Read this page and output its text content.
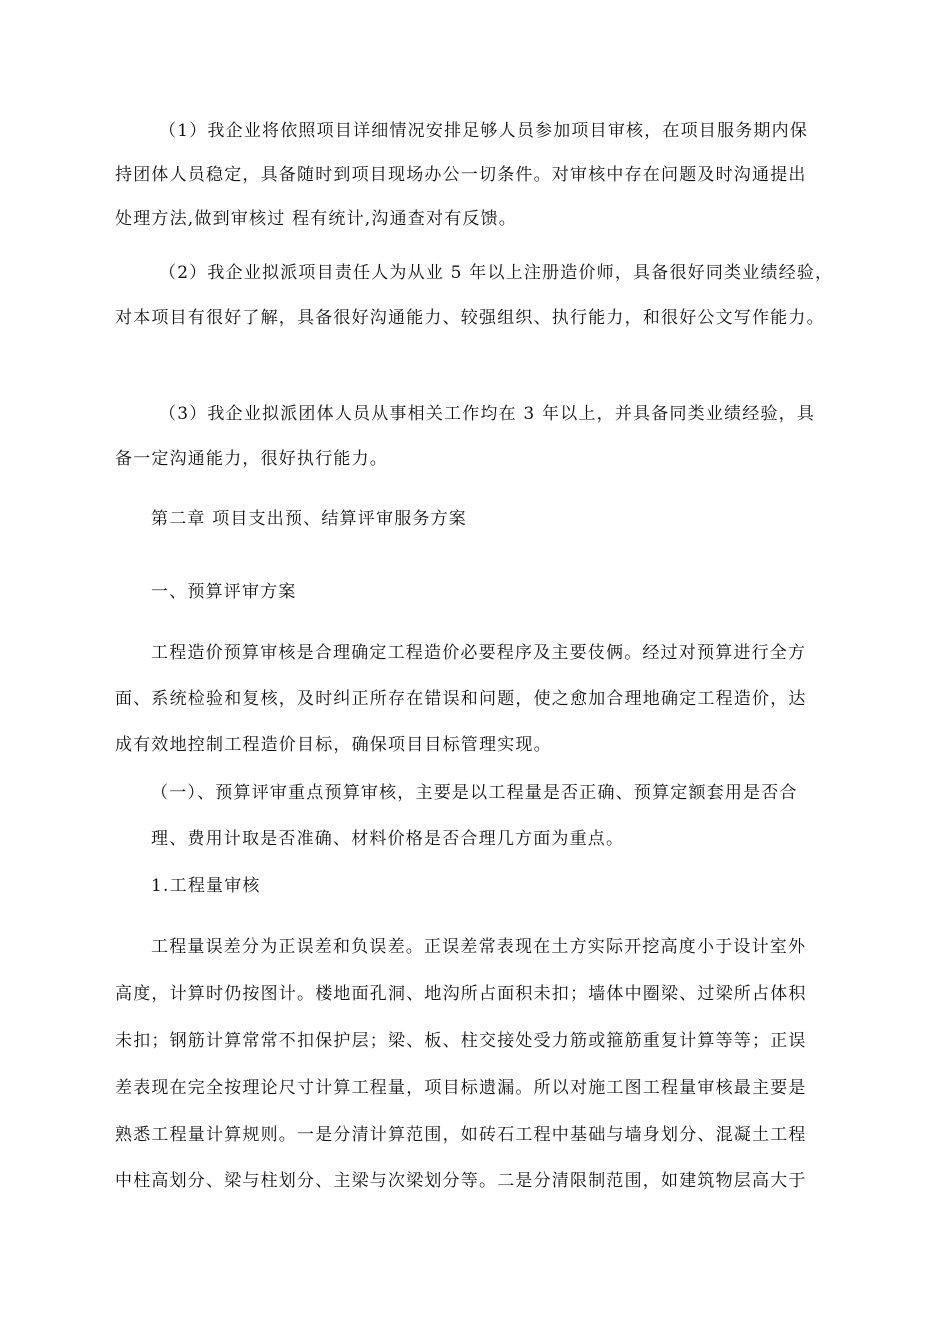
（1）我企业将依照项目详细情况安排足够人员参加项目审核，在项目服务期内保
持团体人员稳定，具备随时到项目现场办公一切条件。对审核中存在问题及时沟通提出
处理方法,做到审核过 程有统计,沟通查对有反馈。
（2）我企业拟派项目责任人为从业 5 年以上注册造价师，具备很好同类业绩经验，
对本项目有很好了解，具备很好沟通能力、较强组织、执行能力，和很好公文写作能力。
（3）我企业拟派团体人员从事相关工作均在 3 年以上，并具备同类业绩经验，具
备一定沟通能力，很好执行能力。
第二章 项目支出预、结算评审服务方案
一、预算评审方案
工程造价预算审核是合理确定工程造价必要程序及主要伎俩。经过对预算进行全方
面、系统检验和复核，及时纠正所存在错误和问题，使之愈加合理地确定工程造价，达
成有效地控制工程造价目标，确保项目目标管理实现。
（一）、预算评审重点预算审核，主要是以工程量是否正确、预算定额套用是否合
理、费用计取是否准确、材料价格是否合理几方面为重点。
1.工程量审核
工程量误差分为正误差和负误差。正误差常表现在土方实际开挖高度小于设计室外
高度，计算时仍按图计。楼地面孔洞、地沟所占面积未扣；墙体中圈梁、过梁所占体积
未扣；钢筋计算常常不扣保护层；梁、板、柱交接处受力筋或箍筋重复计算等等；正误
差表现在完全按理论尺寸计算工程量，项目标遗漏。所以对施工图工程量审核最主要是
熟悉工程量计算规则。一是分清计算范围，如砖石工程中基础与墙身划分、混凝土工程
中柱高划分、梁与柱划分、主梁与次梁划分等。二是分清限制范围，如建筑物层高大于
